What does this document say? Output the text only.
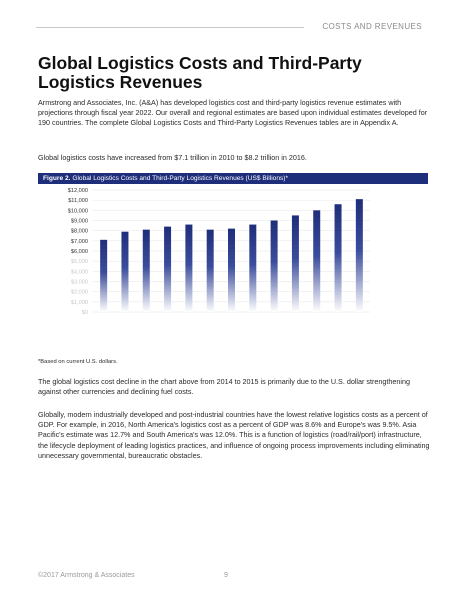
COSTS AND REVENUES
Global Logistics Costs and Third-Party Logistics Revenues

Armstrong and Associates, Inc. (A&A) has developed logistics cost and third-party logistics revenue estimates with projections through fiscal year 2022. Our overall and regional estimates are based upon individual estimates developed for 190 countries. The complete Global Logistics Costs and Third-Party Logistics Revenues tables are in Appendix A.

Global logistics costs have increased from $7.1 trillion in 2010 to $8.2 trillion in 2016.

Figure 2. Global Logistics Costs and Third-Party Logistics Revenues (US$ Billions)*
$0
$1,000
$2,000
$3,000
$4,000
$5,000
$6,000
$7,000
$8,000
$9,000
$10,000
$11,000
$12,000
*Based on current U.S. dollars.

The global logistics cost decline in the chart above from 2014 to 2015 is primarily due to the U.S. dollar strengthening against other currencies and declining fuel costs.

Globally, modern industrially developed and post-industrial countries have the lowest relative logistics costs as a percent of GDP. For example, in 2016, North America's logistics cost as a percent of GDP was 8.6% and Europe's was 9.5%. Asia Pacific's estimate was 12.7% and South America's was 12.0%. This is a function of logistics (road/rail/port) infrastructure, the lifecycle deployment of leading logistics practices, and influence of ongoing process improvements including eliminating unnecessary governmental, bureaucratic obstacles.

©2017 Armstrong & Associates	9
